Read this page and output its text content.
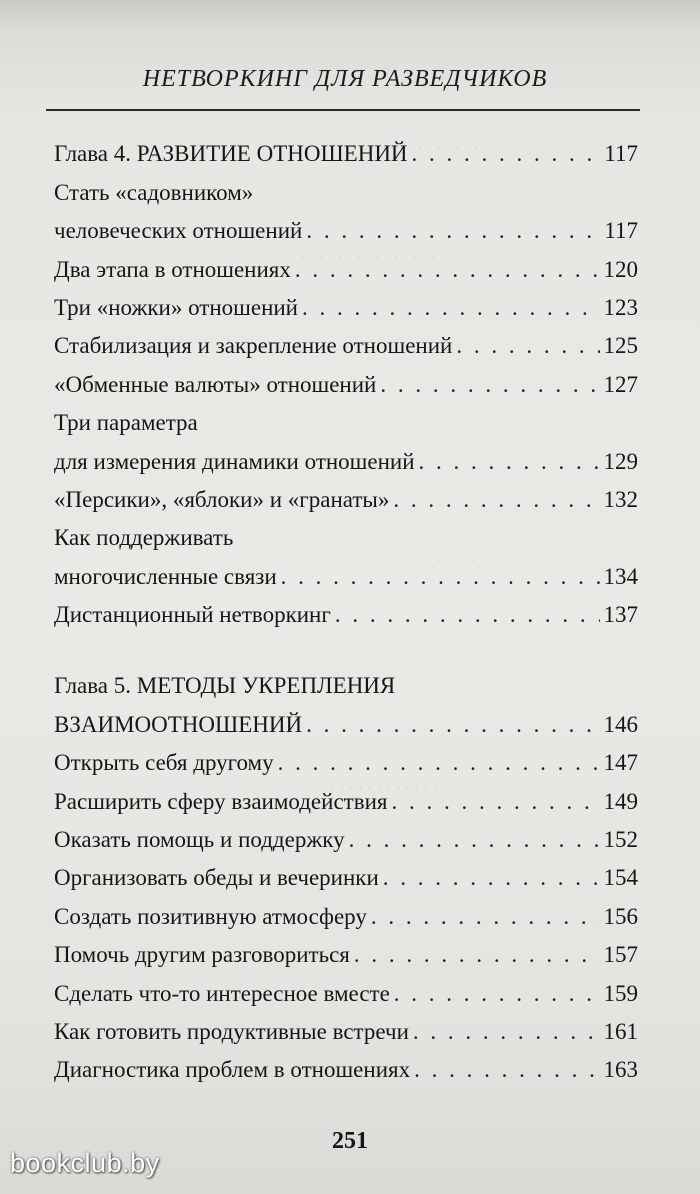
· · · · · · · · · · ·
· · · · · · · · · · · · · · ·
· · · · · · · · ·
· · · · · · · · · · · ·
НЕТВОРКИНГ ДЛЯ РАЗВЕДЧИКОВ
Глава 4. РАЗВИТИЕ ОТНОШЕНИЙ . . .	117
Стать «садовником»
человеческих отношений . . .	117
Два этапа в отношениях . . .	120
Три «ножки» отношений . . .	123
Стабилизация и закрепление отношений . . .	125
«Обменные валюты» отношений . . .	127
Три параметра
для измерения динамики отношений . . .	129
«Персики», «яблоки» и «гранаты» . . .	132
Как поддерживать
многочисленные связи . . .	134
Дистанционный нетворкинг . . .	137
Глава 5. МЕТОДЫ УКРЕПЛЕНИЯ
ВЗАИМООТНОШЕНИЙ . . .	146
Открыть себя другому . . .	147
Расширить сферу взаимодействия . . .	149
Оказать помощь и поддержку . . .	152
Организовать обеды и вечеринки . . .	154
Создать позитивную атмосферу . . .	156
Помочь другим разговориться . . .	157
Сделать что-то интересное вместе . . .	159
Как готовить продуктивные встречи . . .	161
Диагностика проблем в отношениях . . .	163
251
bookclub.by
